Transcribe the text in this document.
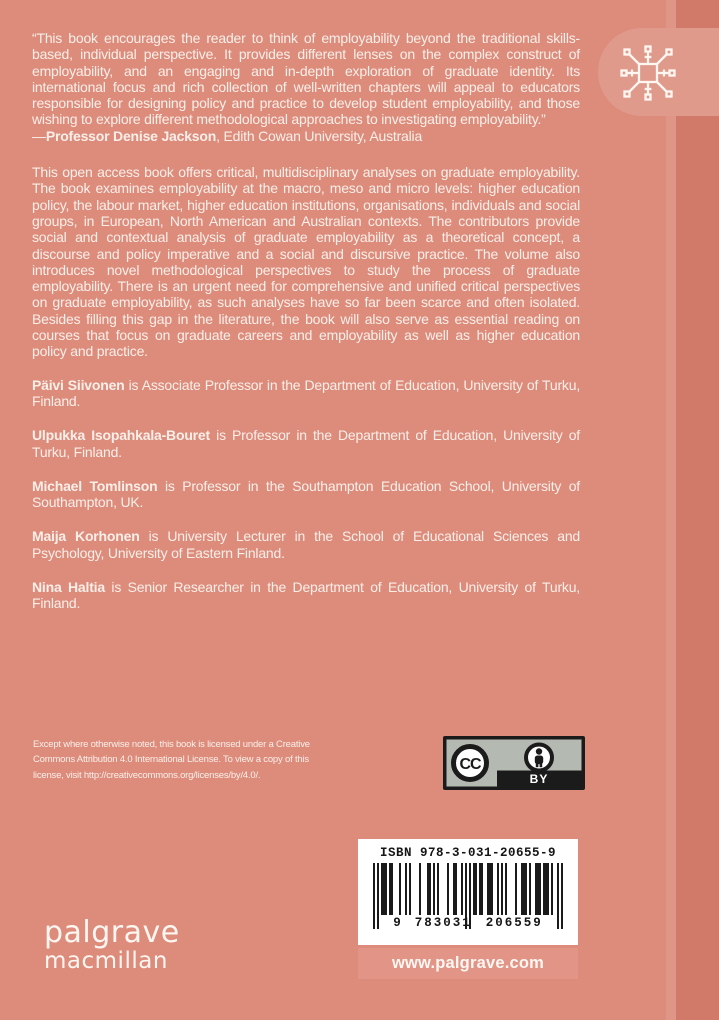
“This book encourages the reader to think of employability beyond the traditional skills-based, individual perspective. It provides different lenses on the complex construct of employability, and an engaging and in-depth exploration of graduate identity. Its international focus and rich collection of well-written chapters will appeal to educators responsible for designing policy and practice to develop student employability, and those wishing to explore different methodological approaches to investigating employability.”

—Professor Denise Jackson, Edith Cowan University, Australia

This open access book offers critical, multidisciplinary analyses on graduate employability. The book examines employability at the macro, meso and micro levels: higher education policy, the labour market, higher education institutions, organisations, individuals and social groups, in European, North American and Australian contexts. The contributors provide social and contextual analysis of graduate employability as a theoretical concept, a discourse and policy imperative and a social and discursive practice. The volume also introduces novel methodological perspectives to study the process of graduate employability. There is an urgent need for comprehensive and unified critical perspectives on graduate employability, as such analyses have so far been scarce and often isolated. Besides filling this gap in the literature, the book will also serve as essential reading on courses that focus on graduate careers and employability as well as higher education policy and practice.

Päivi Siivonen is Associate Professor in the Department of Education, University of Turku, Finland.

Ulpukka Isopahkala-Bouret is Professor in the Department of Education, University of Turku, Finland.

Michael Tomlinson is Professor in the Southampton Education School, University of Southampton, UK.

Maija Korhonen is University Lecturer in the School of Educational Sciences and Psychology, University of Eastern Finland.

Nina Haltia is Senior Researcher in the Department of Education, University of Turku, Finland.

Except where otherwise noted, this book is licensed under a Creative
Commons Attribution 4.0 International License. To view a copy of this
license, visit http://creativecommons.org/licenses/by/4.0/.
CC
BY
ISBN 978-3-031-20655-9
9 783031 206559
www.palgrave.com
palgrave
macmillan
